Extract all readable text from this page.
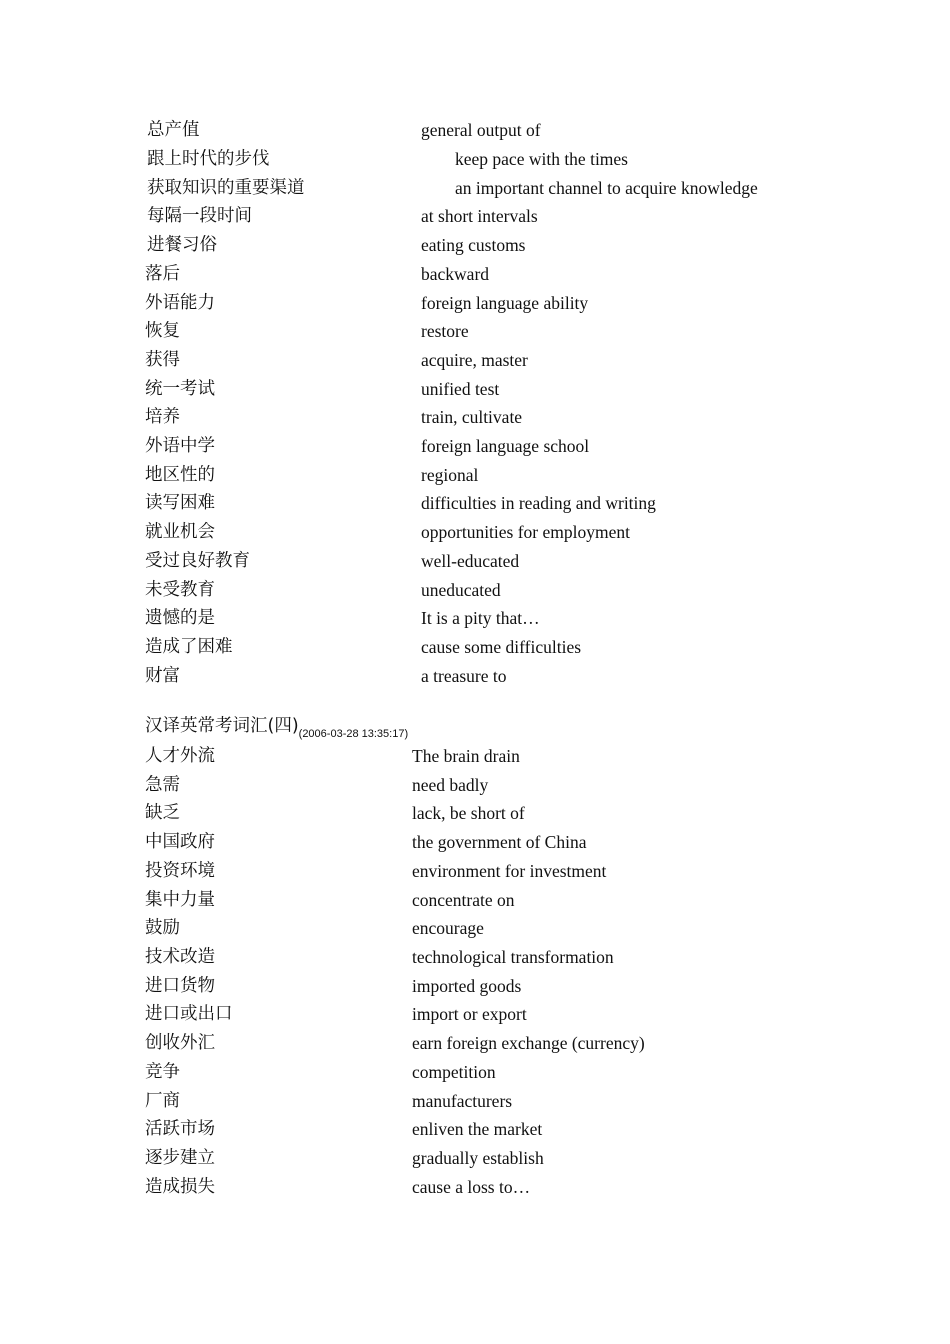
总产值	general output of
跟上时代的步伐	keep pace with the times
获取知识的重要渠道	an important channel to acquire knowledge
每隔一段时间	at short intervals
进餐习俗	eating customs
落后	backward
外语能力	foreign language ability
恢复	restore
获得	acquire, master
统一考试	unified test
培养	train, cultivate
外语中学	foreign language school
地区性的	regional
读写困难	difficulties in reading and writing
就业机会	opportunities for employment
受过良好教育	well-educated
未受教育	uneducated
遗憾的是	It is a pity that…
造成了困难	cause some difficulties
财富	a treasure to
汉译英常考词汇(四)$_{(2006-03-28 13:35:17)}$
人才外流	The brain drain
急需	need badly
缺乏	lack, be short of
中国政府	the government of China
投资环境	environment for investment
集中力量	concentrate on
鼓励	encourage
技术改造	technological transformation
进口货物	imported goods
进口或出口	import or export
创收外汇	earn foreign exchange (currency)
竞争	competition
厂商	manufacturers
活跃市场	enliven the market
逐步建立	gradually establish
造成损失	cause a loss to…
